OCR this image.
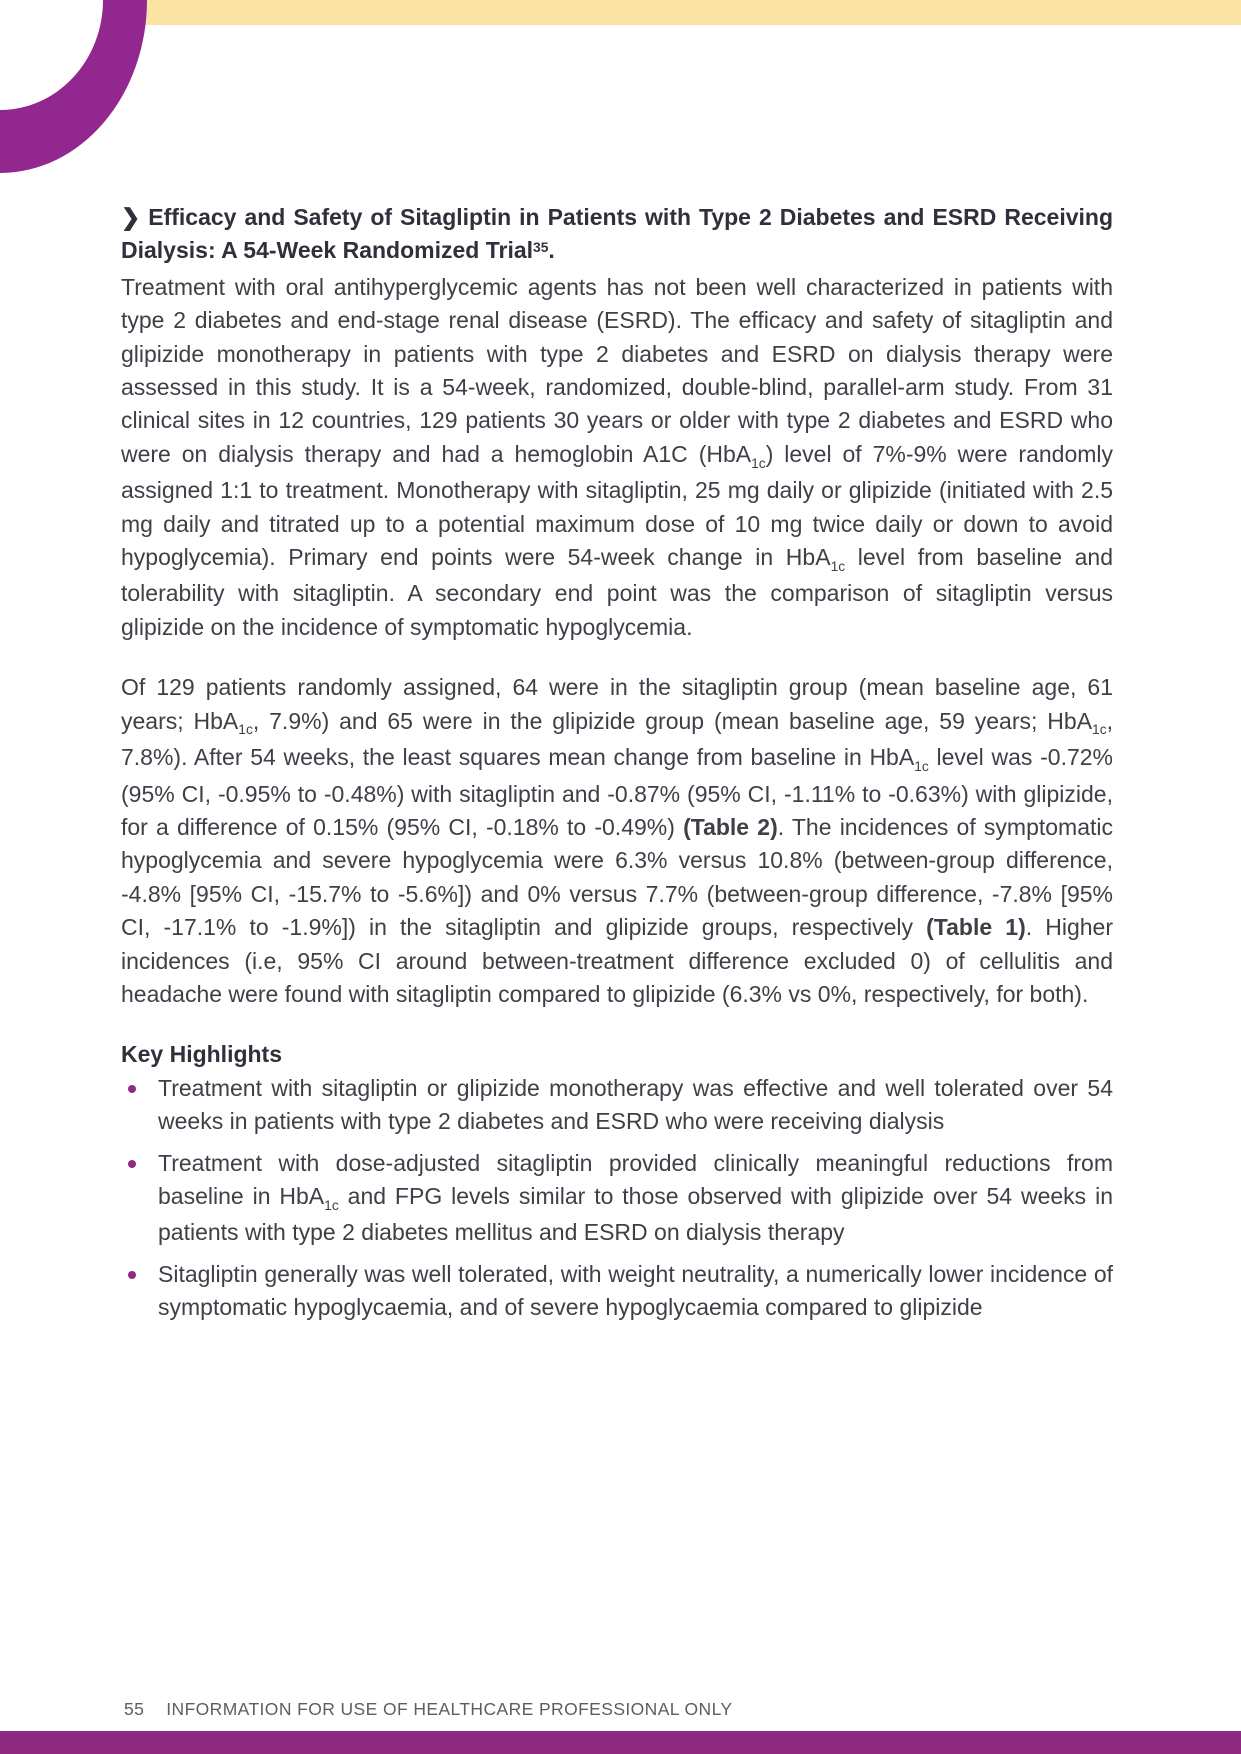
❯ Efficacy and Safety of Sitagliptin in Patients with Type 2 Diabetes and ESRD Receiving Dialysis: A 54-Week Randomized Trial$^{35}$.

Treatment with oral antihyperglycemic agents has not been well characterized in patients with type 2 diabetes and end-stage renal disease (ESRD). The efficacy and safety of sitagliptin and glipizide monotherapy in patients with type 2 diabetes and ESRD on dialysis therapy were assessed in this study. It is a 54-week, randomized, double-blind, parallel-arm study. From 31 clinical sites in 12 countries, 129 patients 30 years or older with type 2 diabetes and ESRD who were on dialysis therapy and had a hemoglobin A1C (HbA$_{1c}$) level of 7%-9% were randomly assigned 1:1 to treatment. Monotherapy with sitagliptin, 25 mg daily or glipizide (initiated with 2.5 mg daily and titrated up to a potential maximum dose of 10 mg twice daily or down to avoid hypoglycemia). Primary end points were 54-week change in HbA$_{1c}$ level from baseline and tolerability with sitagliptin. A secondary end point was the comparison of sitagliptin versus glipizide on the incidence of symptomatic hypoglycemia.

Of 129 patients randomly assigned, 64 were in the sitagliptin group (mean baseline age, 61 years; HbA$_{1c}$, 7.9%) and 65 were in the glipizide group (mean baseline age, 59 years; HbA$_{1c}$, 7.8%). After 54 weeks, the least squares mean change from baseline in HbA$_{1c}$ level was -0.72% (95% CI, -0.95% to -0.48%) with sitagliptin and -0.87% (95% CI, -1.11% to -0.63%) with glipizide, for a difference of 0.15% (95% CI, -0.18% to -0.49%) (Table 2). The incidences of symptomatic hypoglycemia and severe hypoglycemia were 6.3% versus 10.8% (between-group difference, -4.8% [95% CI, -15.7% to -5.6%]) and 0% versus 7.7% (between-group difference, -7.8% [95% CI, -17.1% to -1.9%]) in the sitagliptin and glipizide groups, respectively (Table 1). Higher incidences (i.e, 95% CI around between-treatment difference excluded 0) of cellulitis and headache were found with sitagliptin compared to glipizide (6.3% vs 0%, respectively, for both).

Key Highlights

Treatment with sitagliptin or glipizide monotherapy was effective and well tolerated over 54 weeks in patients with type 2 diabetes and ESRD who were receiving dialysis
Treatment with dose-adjusted sitagliptin provided clinically meaningful reductions from baseline in HbA$_{1c}$ and FPG levels similar to those observed with glipizide over 54 weeks in patients with type 2 diabetes mellitus and ESRD on dialysis therapy
Sitagliptin generally was well tolerated, with weight neutrality, a numerically lower incidence of symptomatic hypoglycaemia, and of severe hypoglycaemia compared to glipizide
55 INFORMATION FOR USE OF HEALTHCARE PROFESSIONAL ONLY
